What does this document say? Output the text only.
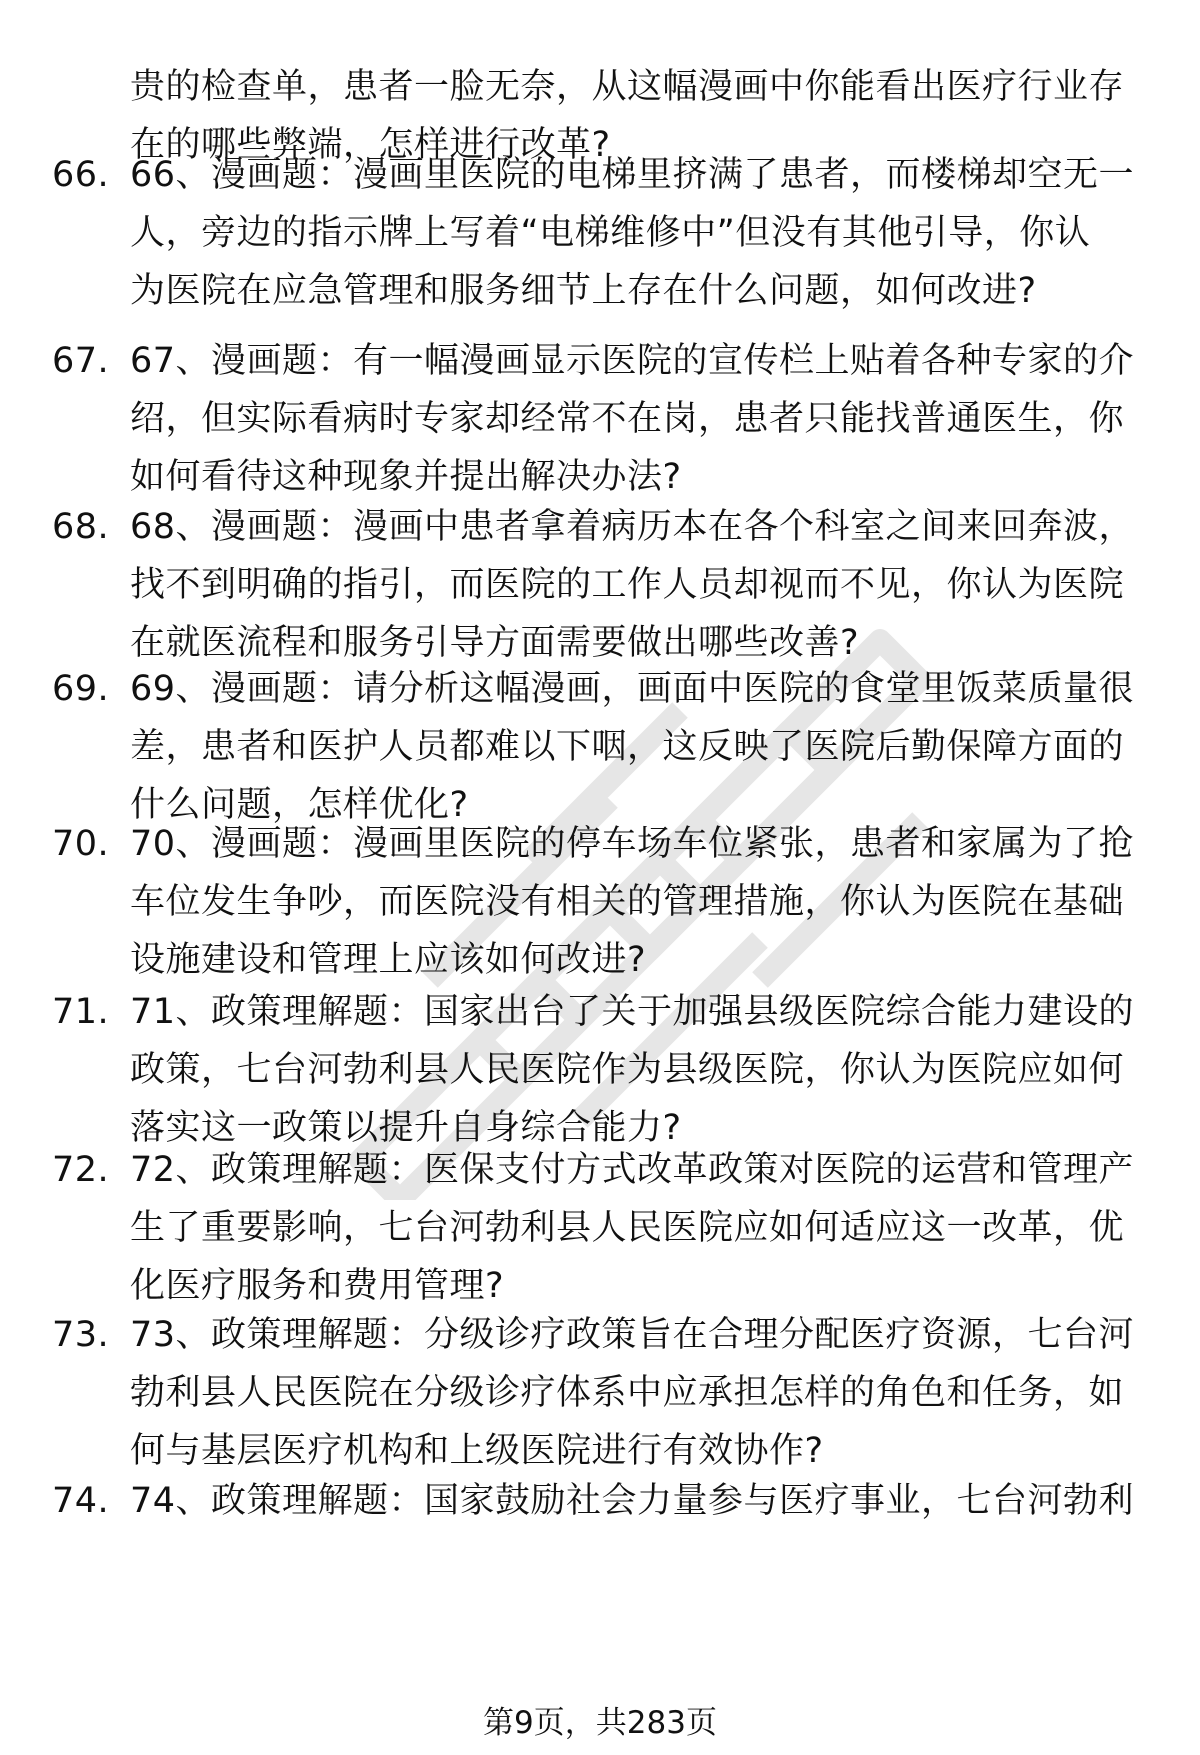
贵的检查单，患者一脸无奈，从这幅漫画中你能看出医疗行业存
在的哪些弊端，怎样进行改革?
66. 66、漫画题：漫画里医院的电梯里挤满了患者，而楼梯却空无一
人，旁边的指示牌上写着“电梯维修中”但没有其他引导，你认
为医院在应急管理和服务细节上存在什么问题，如何改进?
67. 67、漫画题：有一幅漫画显示医院的宣传栏上贴着各种专家的介
绍，但实际看病时专家却经常不在岗，患者只能找普通医生，你
如何看待这种现象并提出解决办法?
68. 68、漫画题：漫画中患者拿着病历本在各个科室之间来回奔波，
找不到明确的指引，而医院的工作人员却视而不见，你认为医院
在就医流程和服务引导方面需要做出哪些改善?
69. 69、漫画题：请分析这幅漫画，画面中医院的食堂里饭菜质量很
差，患者和医护人员都难以下咽，这反映了医院后勤保障方面的
什么问题，怎样优化?
70. 70、漫画题：漫画里医院的停车场车位紧张，患者和家属为了抢
车位发生争吵，而医院没有相关的管理措施，你认为医院在基础
设施建设和管理上应该如何改进?
71. 71、政策理解题：国家出台了关于加强县级医院综合能力建设的
政策，七台河勃利县人民医院作为县级医院，你认为医院应如何
落实这一政策以提升自身综合能力?
72. 72、政策理解题：医保支付方式改革政策对医院的运营和管理产
生了重要影响，七台河勃利县人民医院应如何适应这一改革，优
化医疗服务和费用管理?
73. 73、政策理解题：分级诊疗政策旨在合理分配医疗资源，七台河
勃利县人民医院在分级诊疗体系中应承担怎样的角色和任务，如
何与基层医疗机构和上级医院进行有效协作?
74. 74、政策理解题：国家鼓励社会力量参与医疗事业，七台河勃利
第9页，共283页
